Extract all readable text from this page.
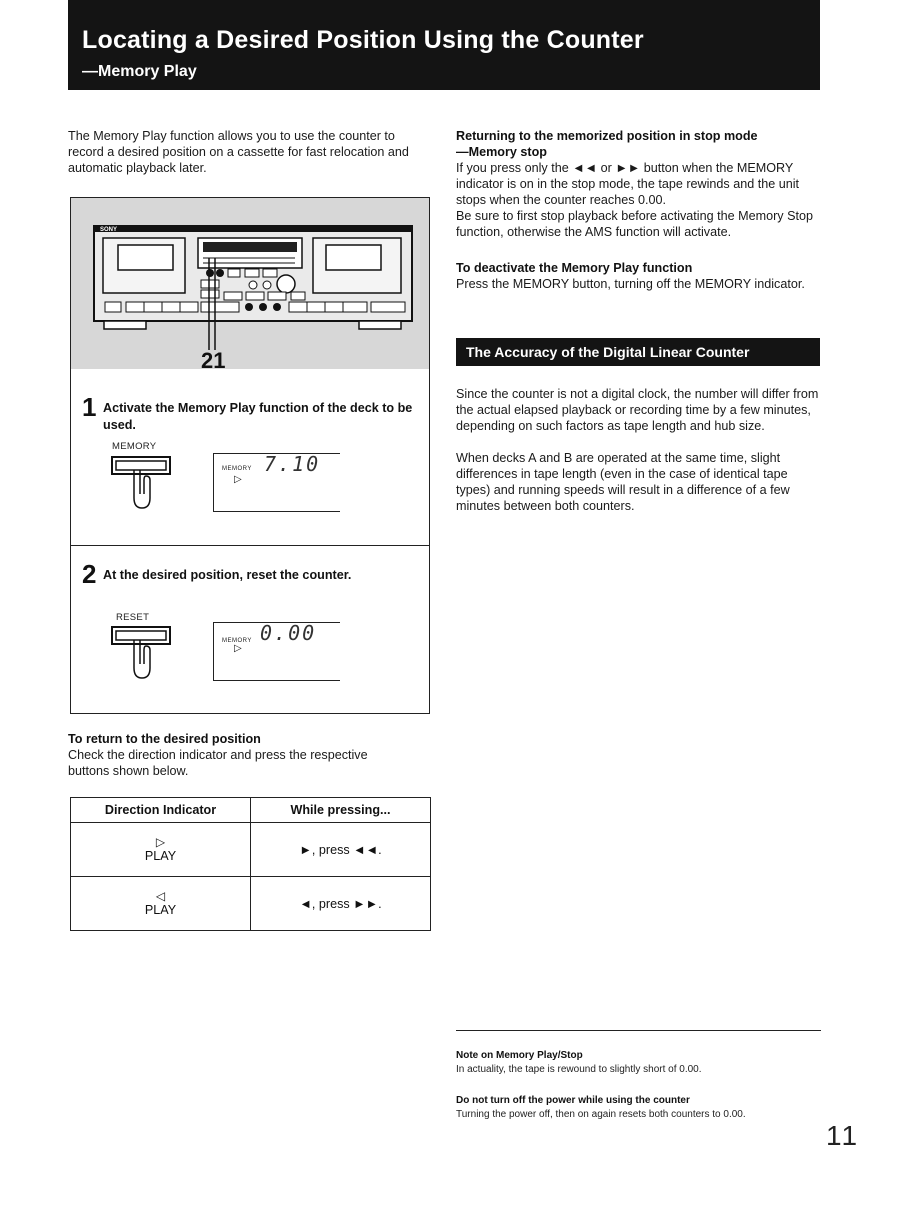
Locating a Desired Position Using the Counter
—Memory Play
The Memory Play function allows you to use the counter to record a desired position on a cassette for fast relocation and automatic playback later.
SONY
21
1 Activate the Memory Play function of the deck to be used.
MEMORY
MEMORY 7.10
▷
2 At the desired position, reset the counter.
RESET
MEMORY 0.00
▷
To return to the desired position
Check the direction indicator and press the respective buttons shown below.
Direction Indicator	While pressing...

▷
PLAY	►, press ◄◄.

◁
PLAY	◄, press ►►.
Returning to the memorized position in stop mode
—Memory stop
If you press only the ◄◄ or ►► button when the MEMORY indicator is on in the stop mode, the tape rewinds and the unit stops when the counter reaches 0.00.
Be sure to first stop playback before activating the Memory Stop function, otherwise the AMS function will activate.
To deactivate the Memory Play function
Press the MEMORY button, turning off the MEMORY indicator.
The Accuracy of the Digital Linear Counter
Since the counter is not a digital clock, the number will differ from the actual elapsed playback or recording time by a few minutes, depending on such factors as tape length and hub size.
When decks A and B are operated at the same time, slight differences in tape length (even in the case of identical tape types) and running speeds will result in a difference of a few minutes between both counters.
Note on Memory Play/Stop
In actuality, the tape is rewound to slightly short of 0.00.
Do not turn off the power while using the counter
Turning the power off, then on again resets both counters to 0.00.
11
